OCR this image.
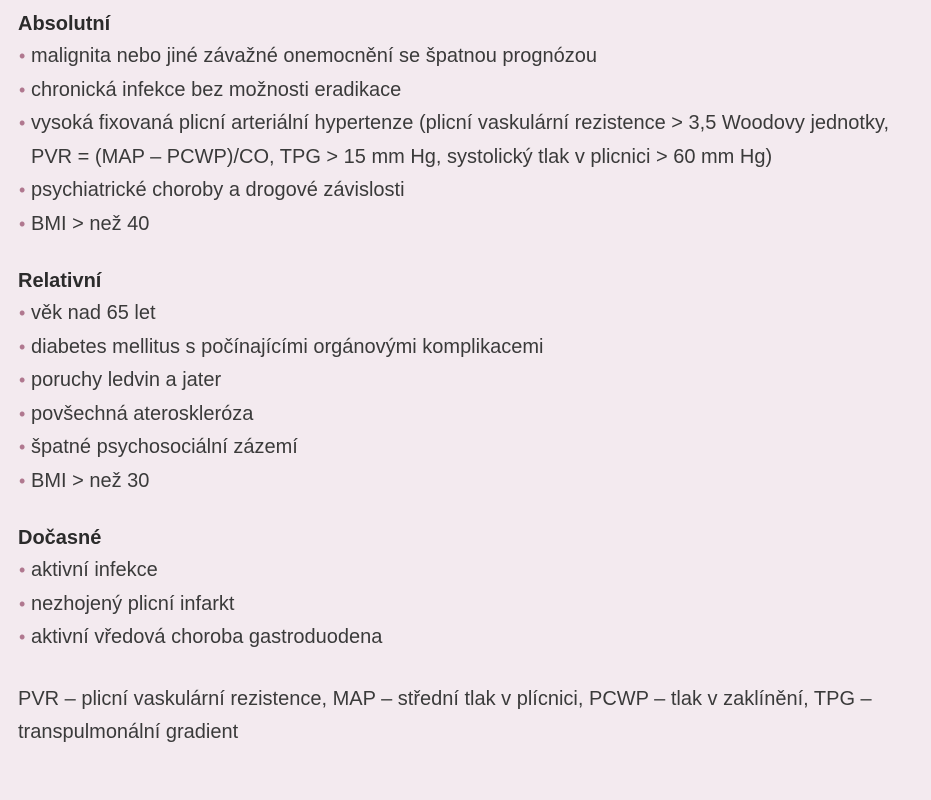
Absolutní
• malignita nebo jiné závažné onemocnění se špatnou prognózou
• chronická infekce bez možnosti eradikace
• vysoká fixovaná plicní arteriální hypertenze (plicní vaskulární rezistence > 3,5 Woodovy jednotky, PVR = (MAP – PCWP)/CO, TPG > 15 mm Hg, systolický tlak v plicnici > 60 mm Hg)
• psychiatrické choroby a drogové závislosti
• BMI > než 40
Relativní
• věk nad 65 let
• diabetes mellitus s počínajícími orgánovými komplikacemi
• poruchy ledvin a jater
• povšechná ateroskleróza
• špatné psychosociální zázemí
• BMI > než 30
Dočasné
• aktivní infekce
• nezhojený plicní infarkt
• aktivní vředová choroba gastroduodena

PVR – plicní vaskulární rezistence, MAP – střední tlak v plícnici, PCWP – tlak v zaklínění, TPG – transpulmonální gradient
